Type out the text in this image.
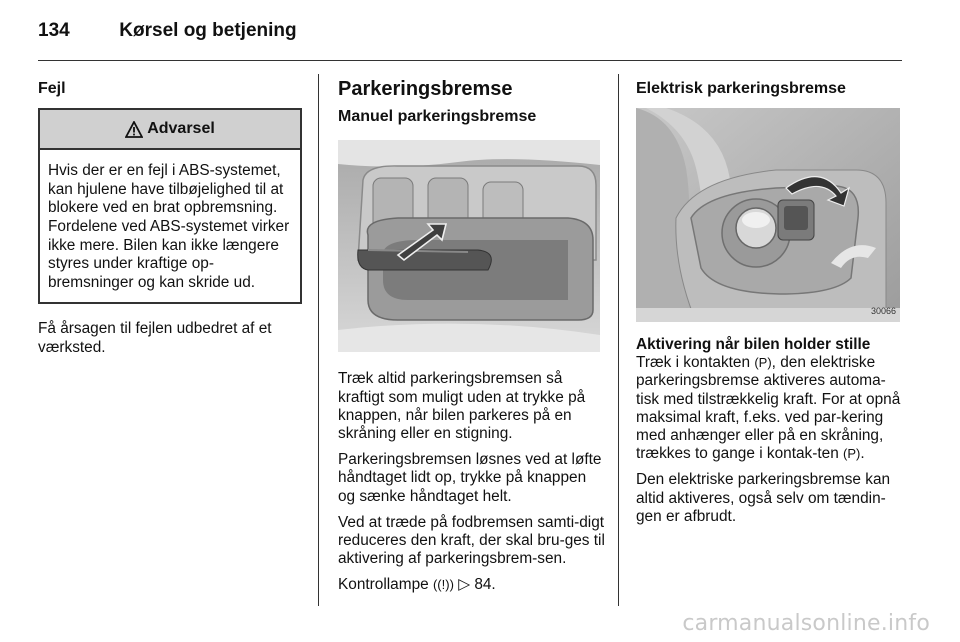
134	Kørsel og betjening
Fejl
Advarsel
Hvis der er en fejl i ABS-systemet, kan hjulene have tilbøjelighed til at blokere ved en brat opbremsning. Fordelene ved ABS-systemet virker ikke mere. Bilen kan ikke længere styres under kraftige op-bremsninger og kan skride ud.

Få årsagen til fejlen udbedret af et værksted.

Parkeringsbremse
Manuel parkeringsbremse

Træk altid parkeringsbremsen så kraftigt som muligt uden at trykke på knappen, når bilen parkeres på en skråning eller en stigning.

Parkeringsbremsen løsnes ved at løfte håndtaget lidt op, trykke på knappen og sænke håndtaget helt.

Ved at træde på fodbremsen samti-digt reduceres den kraft, der skal bru-ges til aktivering af parkeringsbrem-sen.

Kontrollampe ((!)) ▷ 84.

Elektrisk parkeringsbremse
30066
Aktivering når bilen holder stille

Træk i kontakten (P), den elektriske parkeringsbremse aktiveres automa-tisk med tilstrækkelig kraft. For at opnå maksimal kraft, f.eks. ved par-kering med anhænger eller på en skråning, trækkes to gange i kontak-ten (P).

Den elektriske parkeringsbremse kan altid aktiveres, også selv om tændin-gen er afbrudt.

carmanualsonline.info
